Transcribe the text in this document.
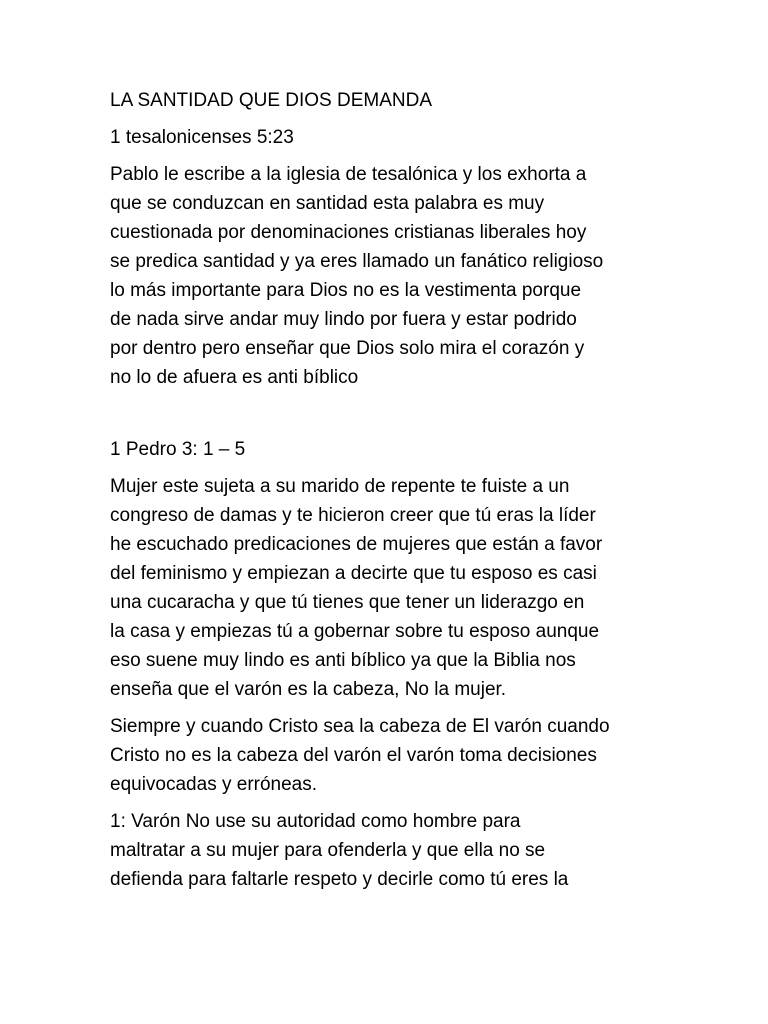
LA SANTIDAD QUE DIOS DEMANDA

1 tesalonicenses 5:23

Pablo le escribe a la iglesia de tesalónica y los exhorta a
que se conduzcan en santidad esta palabra es muy
cuestionada por denominaciones cristianas liberales hoy
se predica santidad y ya eres llamado un fanático religioso
lo más importante para Dios no es la vestimenta porque
de nada sirve andar muy lindo por fuera y estar podrido
por dentro pero enseñar que Dios solo mira el corazón y
no lo de afuera es anti bíblico

1 Pedro 3: 1 – 5

Mujer este sujeta a su marido de repente te fuiste a un
congreso de damas y te hicieron creer que tú eras la líder
he escuchado predicaciones de mujeres que están a favor
del feminismo y empiezan a decirte que tu esposo es casi
una cucaracha y que tú tienes que tener un liderazgo en
la casa y empiezas tú a gobernar sobre tu esposo aunque
eso suene muy lindo es anti bíblico ya que la Biblia nos
enseña que el varón es la cabeza, No la mujer.

Siempre y cuando Cristo sea la cabeza de El varón cuando
Cristo no es la cabeza del varón el varón toma decisiones
equivocadas y erróneas.

1: Varón No use su autoridad como hombre para
maltratar a su mujer para ofenderla y que ella no se
defienda para faltarle respeto y decirle como tú eres la
